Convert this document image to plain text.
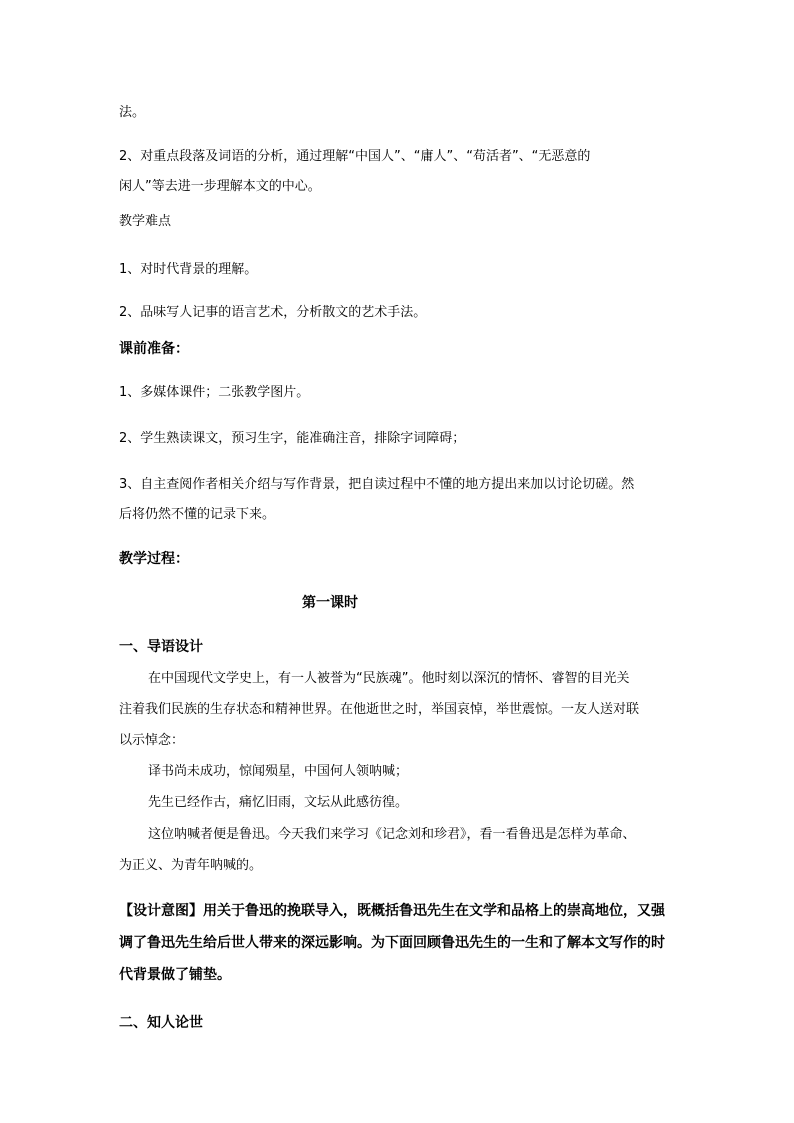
法。
2、对重点段落及词语的分析，通过理解“中国人”、“庸人”、“苟活者”、“无恶意的
闲人”等去进一步理解本文的中心。
教学难点
1、对时代背景的理解。
2、品味写人记事的语言艺术，分析散文的艺术手法。
课前准备：
1、多媒体课件；二张教学图片。
2、学生熟读课文，预习生字，能准确注音，排除字词障碍；
3、自主查阅作者相关介绍与写作背景，把自读过程中不懂的地方提出来加以讨论切磋。然
后将仍然不懂的记录下来。
教学过程：
第一课时
一、导语设计
在中国现代文学史上，有一人被誉为“民族魂”。他时刻以深沉的情怀、睿智的目光关
注着我们民族的生存状态和精神世界。在他逝世之时，举国哀悼，举世震惊。一友人送对联
以示悼念：
译书尚未成功，惊闻殒星，中国何人领呐喊；
先生已经作古，痛忆旧雨，文坛从此感彷徨。
这位呐喊者便是鲁迅。今天我们来学习《记念刘和珍君》，看一看鲁迅是怎样为革命、
为正义、为青年呐喊的。
【设计意图】用关于鲁迅的挽联导入，既概括鲁迅先生在文学和品格上的崇高地位，又强
调了鲁迅先生给后世人带来的深远影响。为下面回顾鲁迅先生的一生和了解本文写作的时
代背景做了铺垫。
二、知人论世
